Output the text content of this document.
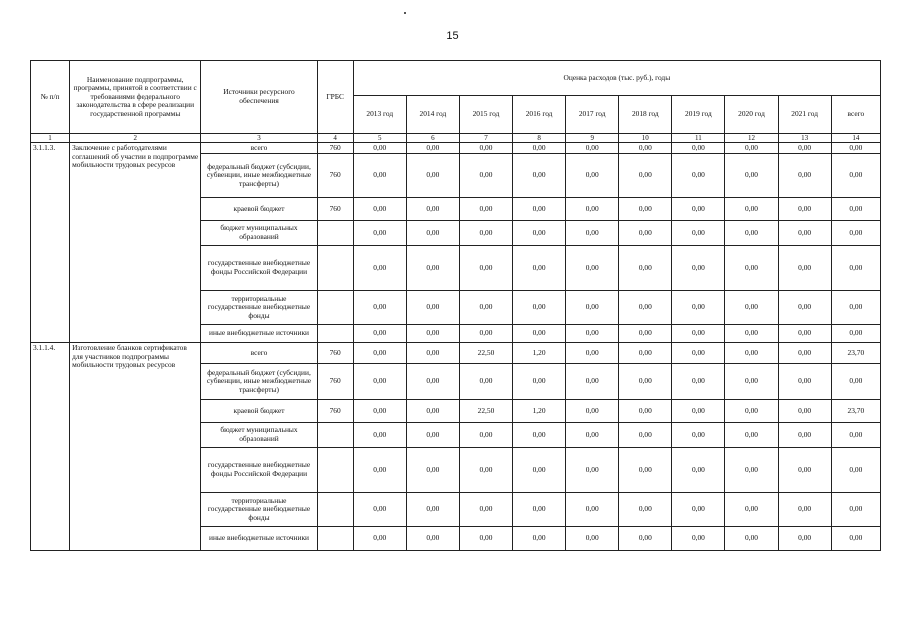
15
№ п/п	Наименование подпрограммы, программы, принятой в соответствии с требованиями федерального законодательства в сфере реализации государственной программы	Источники ресурсного обеспечения	ГРБС	Оценка расходов (тыс. руб.), годы									
				2013 год	2014 год	2015 год	2016 год	2017 год	2018 год	2019 год	2020 год	2021 год	всего
1	2	3	4	5	6	7	8	9	10	11	12	13	14
3.1.1.3.	Заключение с работодателями соглашений об участии в подпрограмме мобильности трудовых ресурсов	всего	760	0,00	0,00	0,00	0,00	0,00	0,00	0,00	0,00	0,00	0,00
		федеральный бюджет (субсидии, субвенции, иные межбюджетные трансферты)	760	0,00	0,00	0,00	0,00	0,00	0,00	0,00	0,00	0,00	0,00
		краевой бюджет	760	0,00	0,00	0,00	0,00	0,00	0,00	0,00	0,00	0,00	0,00
		бюджет муниципальных образований		0,00	0,00	0,00	0,00	0,00	0,00	0,00	0,00	0,00	0,00
		государственные внебюджетные фонды Российской Федерации		0,00	0,00	0,00	0,00	0,00	0,00	0,00	0,00	0,00	0,00
		территориальные государственные внебюджетные фонды		0,00	0,00	0,00	0,00	0,00	0,00	0,00	0,00	0,00	0,00
		иные внебюджетные источники		0,00	0,00	0,00	0,00	0,00	0,00	0,00	0,00	0,00	0,00
3.1.1.4.	Изготовление бланков сертификатов для участников подпрограммы мобильности трудовых ресурсов	всего	760	0,00	0,00	22,50	1,20	0,00	0,00	0,00	0,00	0,00	23,70
		федеральный бюджет (субсидии, субвенции, иные межбюджетные трансферты)	760	0,00	0,00	0,00	0,00	0,00	0,00	0,00	0,00	0,00	0,00
		краевой бюджет	760	0,00	0,00	22,50	1,20	0,00	0,00	0,00	0,00	0,00	23,70
		бюджет муниципальных образований		0,00	0,00	0,00	0,00	0,00	0,00	0,00	0,00	0,00	0,00
		государственные внебюджетные фонды Российской Федерации		0,00	0,00	0,00	0,00	0,00	0,00	0,00	0,00	0,00	0,00
		территориальные государственные внебюджетные фонды		0,00	0,00	0,00	0,00	0,00	0,00	0,00	0,00	0,00	0,00
		иные внебюджетные источники		0,00	0,00	0,00	0,00	0,00	0,00	0,00	0,00	0,00	0,00
